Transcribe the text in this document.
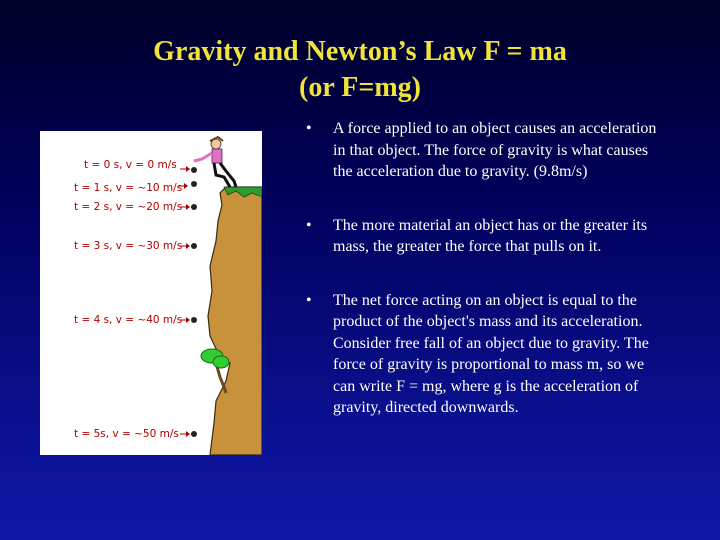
Gravity and Newton’s Law F = ma
(or F=mg)
t = 0 s, v = 0 m/s
t = 1 s, v = ~10 m/s
t = 2 s, v = ~20 m/s
t = 3 s, v = ~30 m/s
t = 4 s, v = ~40 m/s
t = 5s, v = ~50 m/s
•	A force applied to an object causes an acceleration in that object. The force of gravity is what causes the acceleration due to gravity. (9.8m/s)
•	The more material an object has or the greater its mass, the greater the force that pulls on it.
•	The net force acting on an object is equal to the product of the object's mass and its acceleration. Consider free fall of an object due to gravity. The force of gravity is proportional to mass m, so we can write F = mg, where g is the acceleration of gravity, directed downwards.
